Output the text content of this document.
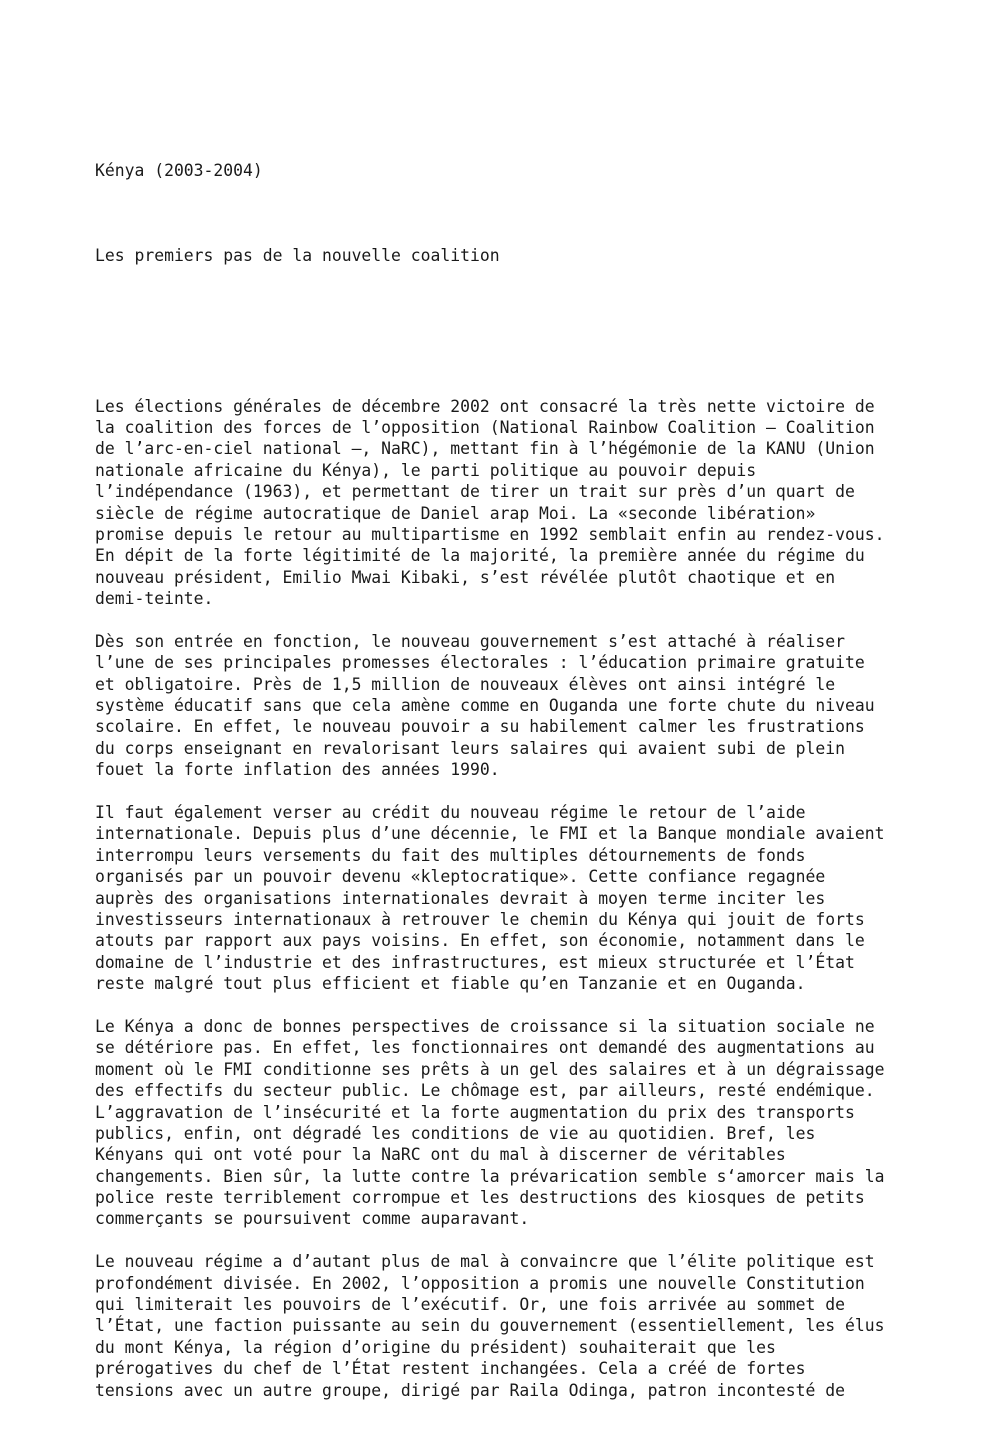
Kénya (2003-2004)

Les premiers pas de la nouvelle coalition

Les élections générales de décembre 2002 ont consacré la très nette victoire de
la coalition des forces de l’opposition (National Rainbow Coalition – Coalition
de l’arc-en-ciel national –, NaRC), mettant fin à l’hégémonie de la KANU (Union
nationale africaine du Kénya), le parti politique au pouvoir depuis
l’indépendance (1963), et permettant de tirer un trait sur près d’un quart de
siècle de régime autocratique de Daniel arap Moi. La «seconde libération»
promise depuis le retour au multipartisme en 1992 semblait enfin au rendez-vous.
En dépit de la forte légitimité de la majorité, la première année du régime du
nouveau président, Emilio Mwai Kibaki, s’est révélée plutôt chaotique et en
demi-teinte.
Dès son entrée en fonction, le nouveau gouvernement s’est attaché à réaliser
l’une de ses principales promesses électorales : l’éducation primaire gratuite
et obligatoire. Près de 1,5 million de nouveaux élèves ont ainsi intégré le
système éducatif sans que cela amène comme en Ouganda une forte chute du niveau
scolaire. En effet, le nouveau pouvoir a su habilement calmer les frustrations
du corps enseignant en revalorisant leurs salaires qui avaient subi de plein
fouet la forte inflation des années 1990.
Il faut également verser au crédit du nouveau régime le retour de l’aide
internationale. Depuis plus d’une décennie, le FMI et la Banque mondiale avaient
interrompu leurs versements du fait des multiples détournements de fonds
organisés par un pouvoir devenu «kleptocratique». Cette confiance regagnée
auprès des organisations internationales devrait à moyen terme inciter les
investisseurs internationaux à retrouver le chemin du Kénya qui jouit de forts
atouts par rapport aux pays voisins. En effet, son économie, notamment dans le
domaine de l’industrie et des infrastructures, est mieux structurée et l’État
reste malgré tout plus efficient et fiable qu’en Tanzanie et en Ouganda.
Le Kénya a donc de bonnes perspectives de croissance si la situation sociale ne
se détériore pas. En effet, les fonctionnaires ont demandé des augmentations au
moment où le FMI conditionne ses prêts à un gel des salaires et à un dégraissage
des effectifs du secteur public. Le chômage est, par ailleurs, resté endémique.
L’aggravation de l’insécurité et la forte augmentation du prix des transports
publics, enfin, ont dégradé les conditions de vie au quotidien. Bref, les
Kényans qui ont voté pour la NaRC ont du mal à discerner de véritables
changements. Bien sûr, la lutte contre la prévarication semble s‘amorcer mais la
police reste terriblement corrompue et les destructions des kiosques de petits
commerçants se poursuivent comme auparavant.
Le nouveau régime a d’autant plus de mal à convaincre que l’élite politique est
profondément divisée. En 2002, l’opposition a promis une nouvelle Constitution
qui limiterait les pouvoirs de l’exécutif. Or, une fois arrivée au sommet de
l’État, une faction puissante au sein du gouvernement (essentiellement, les élus
du mont Kénya, la région d’origine du président) souhaiterait que les
prérogatives du chef de l’État restent inchangées. Cela a créé de fortes
tensions avec un autre groupe, dirigé par Raila Odinga, patron incontesté de
